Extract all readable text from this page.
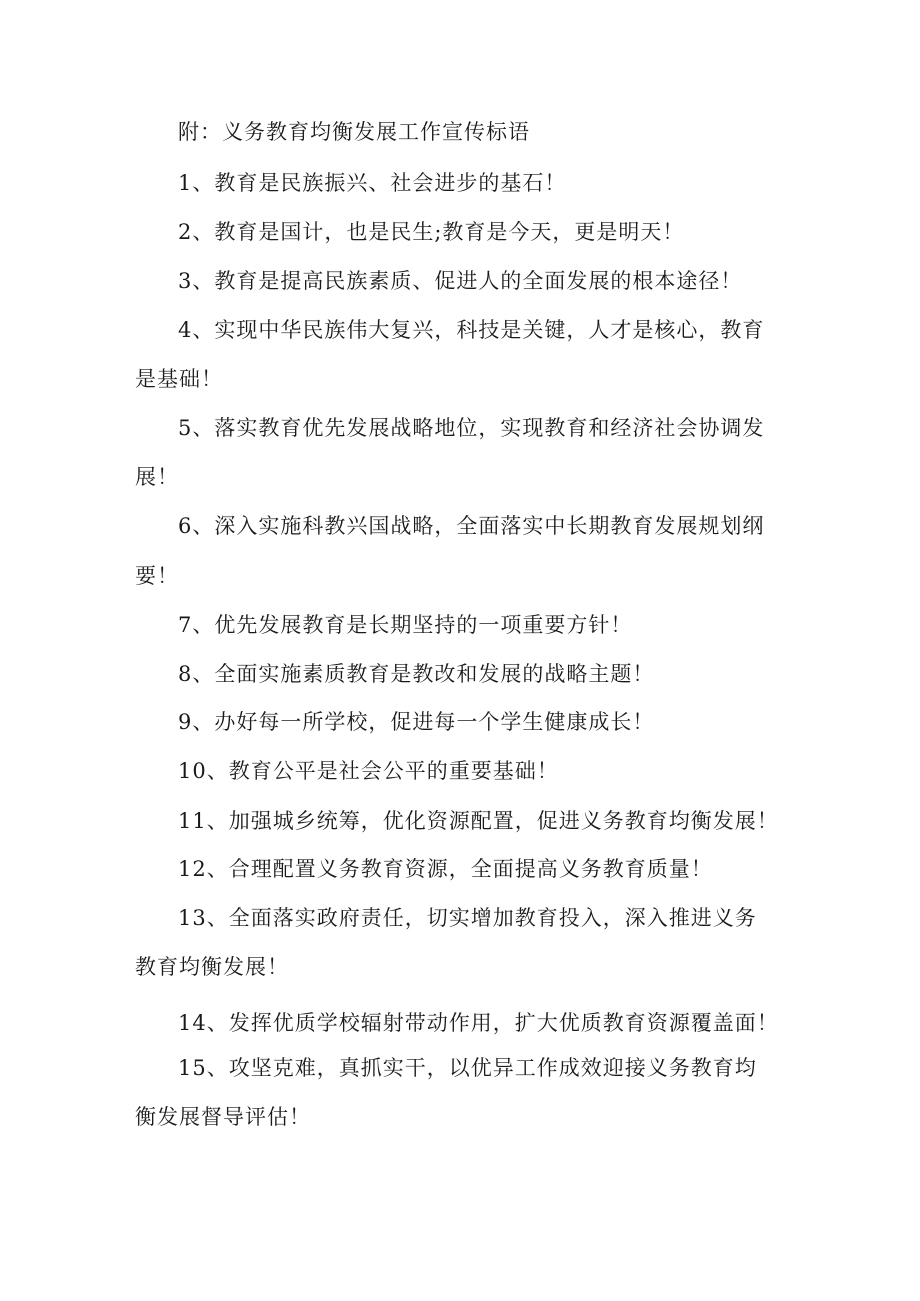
附：义务教育均衡发展工作宣传标语
1、教育是民族振兴、社会进步的基石！
2、教育是国计，也是民生;教育是今天，更是明天！
3、教育是提高民族素质、促进人的全面发展的根本途径！
4、实现中华民族伟大复兴，科技是关键，人才是核心，教育
是基础！
5、落实教育优先发展战略地位，实现教育和经济社会协调发
展！
6、深入实施科教兴国战略，全面落实中长期教育发展规划纲
要！
7、优先发展教育是长期坚持的一项重要方针！
8、全面实施素质教育是教改和发展的战略主题！
9、办好每一所学校，促进每一个学生健康成长！
10、教育公平是社会公平的重要基础！
11、加强城乡统筹，优化资源配置，促进义务教育均衡发展！
12、合理配置义务教育资源，全面提高义务教育质量！
13、全面落实政府责任，切实增加教育投入，深入推进义务
教育均衡发展！
14、发挥优质学校辐射带动作用，扩大优质教育资源覆盖面！
15、攻坚克难，真抓实干，以优异工作成效迎接义务教育均
衡发展督导评估！
